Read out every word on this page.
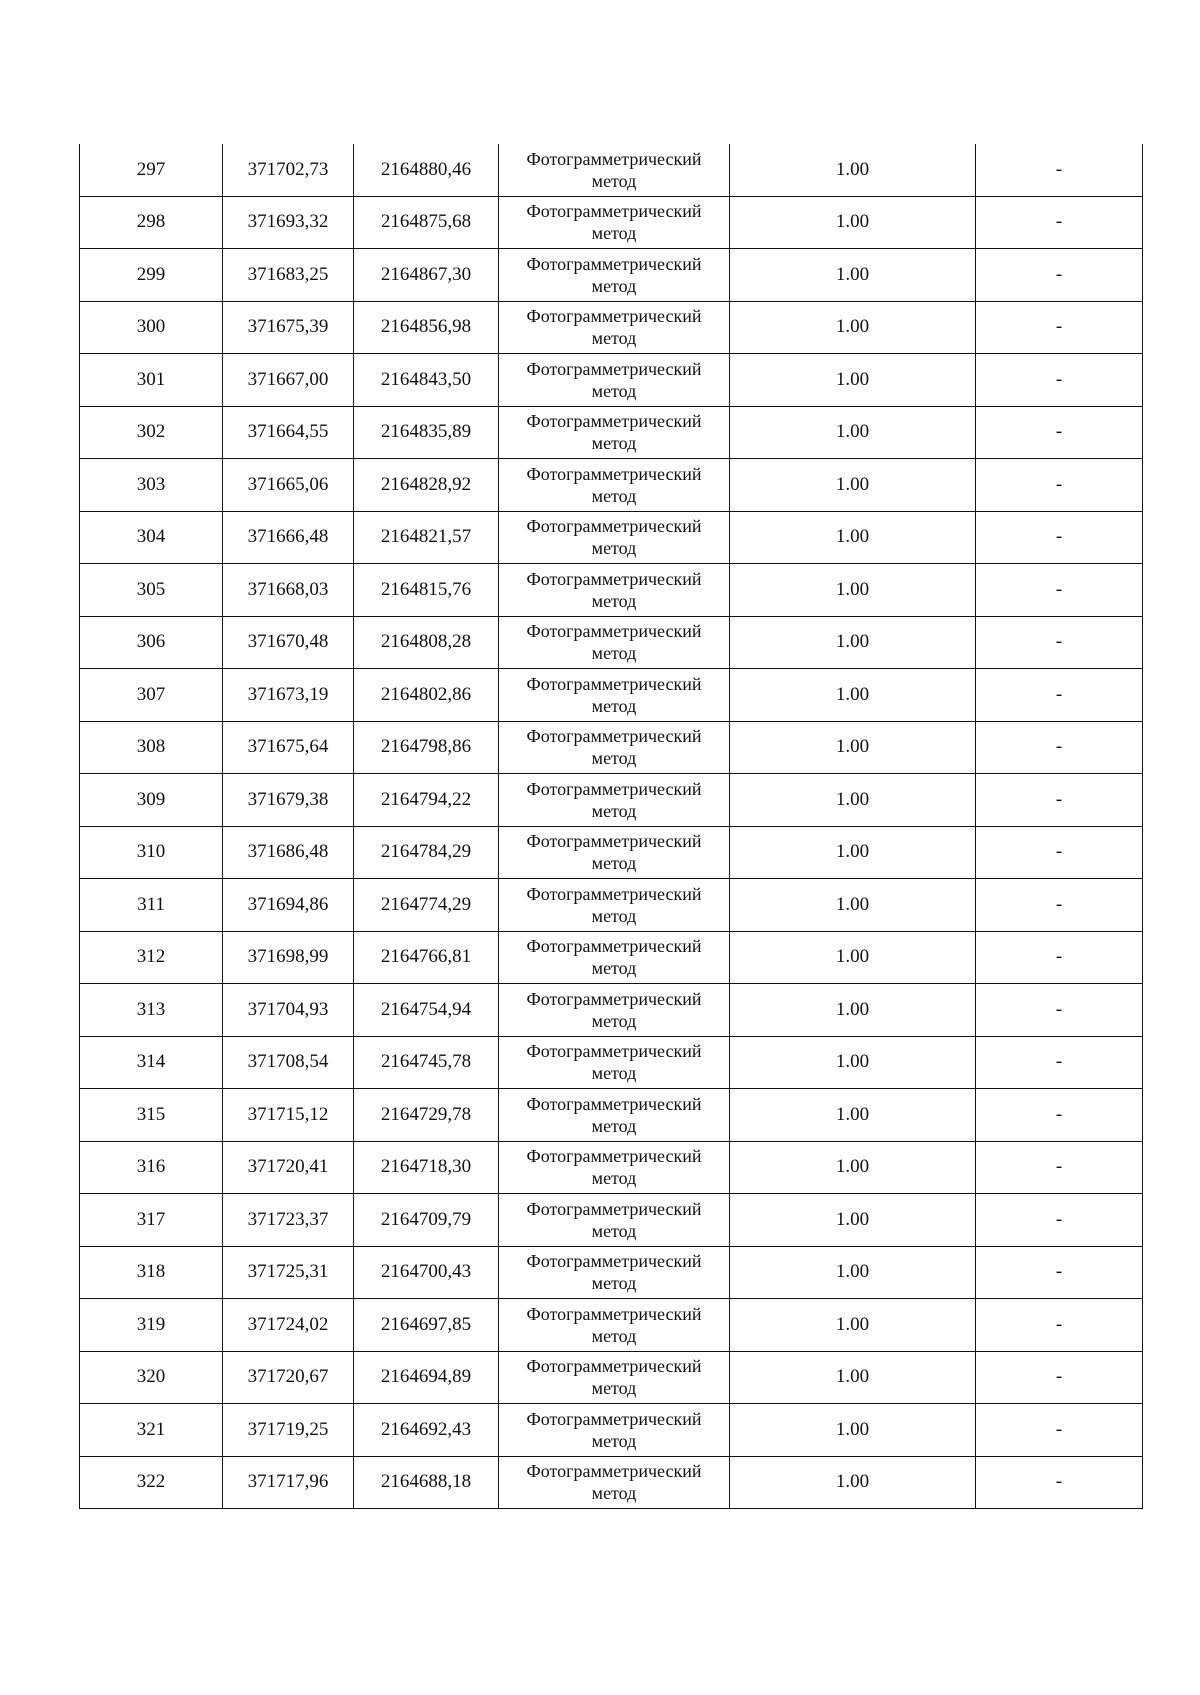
297	371702,73	2164880,46	Фотограмметрический
метод	1.00	-
298	371693,32	2164875,68	Фотограмметрический
метод	1.00	-
299	371683,25	2164867,30	Фотограмметрический
метод	1.00	-
300	371675,39	2164856,98	Фотограмметрический
метод	1.00	-
301	371667,00	2164843,50	Фотограмметрический
метод	1.00	-
302	371664,55	2164835,89	Фотограмметрический
метод	1.00	-
303	371665,06	2164828,92	Фотограмметрический
метод	1.00	-
304	371666,48	2164821,57	Фотограмметрический
метод	1.00	-
305	371668,03	2164815,76	Фотограмметрический
метод	1.00	-
306	371670,48	2164808,28	Фотограмметрический
метод	1.00	-
307	371673,19	2164802,86	Фотограмметрический
метод	1.00	-
308	371675,64	2164798,86	Фотограмметрический
метод	1.00	-
309	371679,38	2164794,22	Фотограмметрический
метод	1.00	-
310	371686,48	2164784,29	Фотограмметрический
метод	1.00	-
311	371694,86	2164774,29	Фотограмметрический
метод	1.00	-
312	371698,99	2164766,81	Фотограмметрический
метод	1.00	-
313	371704,93	2164754,94	Фотограмметрический
метод	1.00	-
314	371708,54	2164745,78	Фотограмметрический
метод	1.00	-
315	371715,12	2164729,78	Фотограмметрический
метод	1.00	-
316	371720,41	2164718,30	Фотограмметрический
метод	1.00	-
317	371723,37	2164709,79	Фотограмметрический
метод	1.00	-
318	371725,31	2164700,43	Фотограмметрический
метод	1.00	-
319	371724,02	2164697,85	Фотограмметрический
метод	1.00	-
320	371720,67	2164694,89	Фотограмметрический
метод	1.00	-
321	371719,25	2164692,43	Фотограмметрический
метод	1.00	-
322	371717,96	2164688,18	Фотограмметрический
метод	1.00	-
